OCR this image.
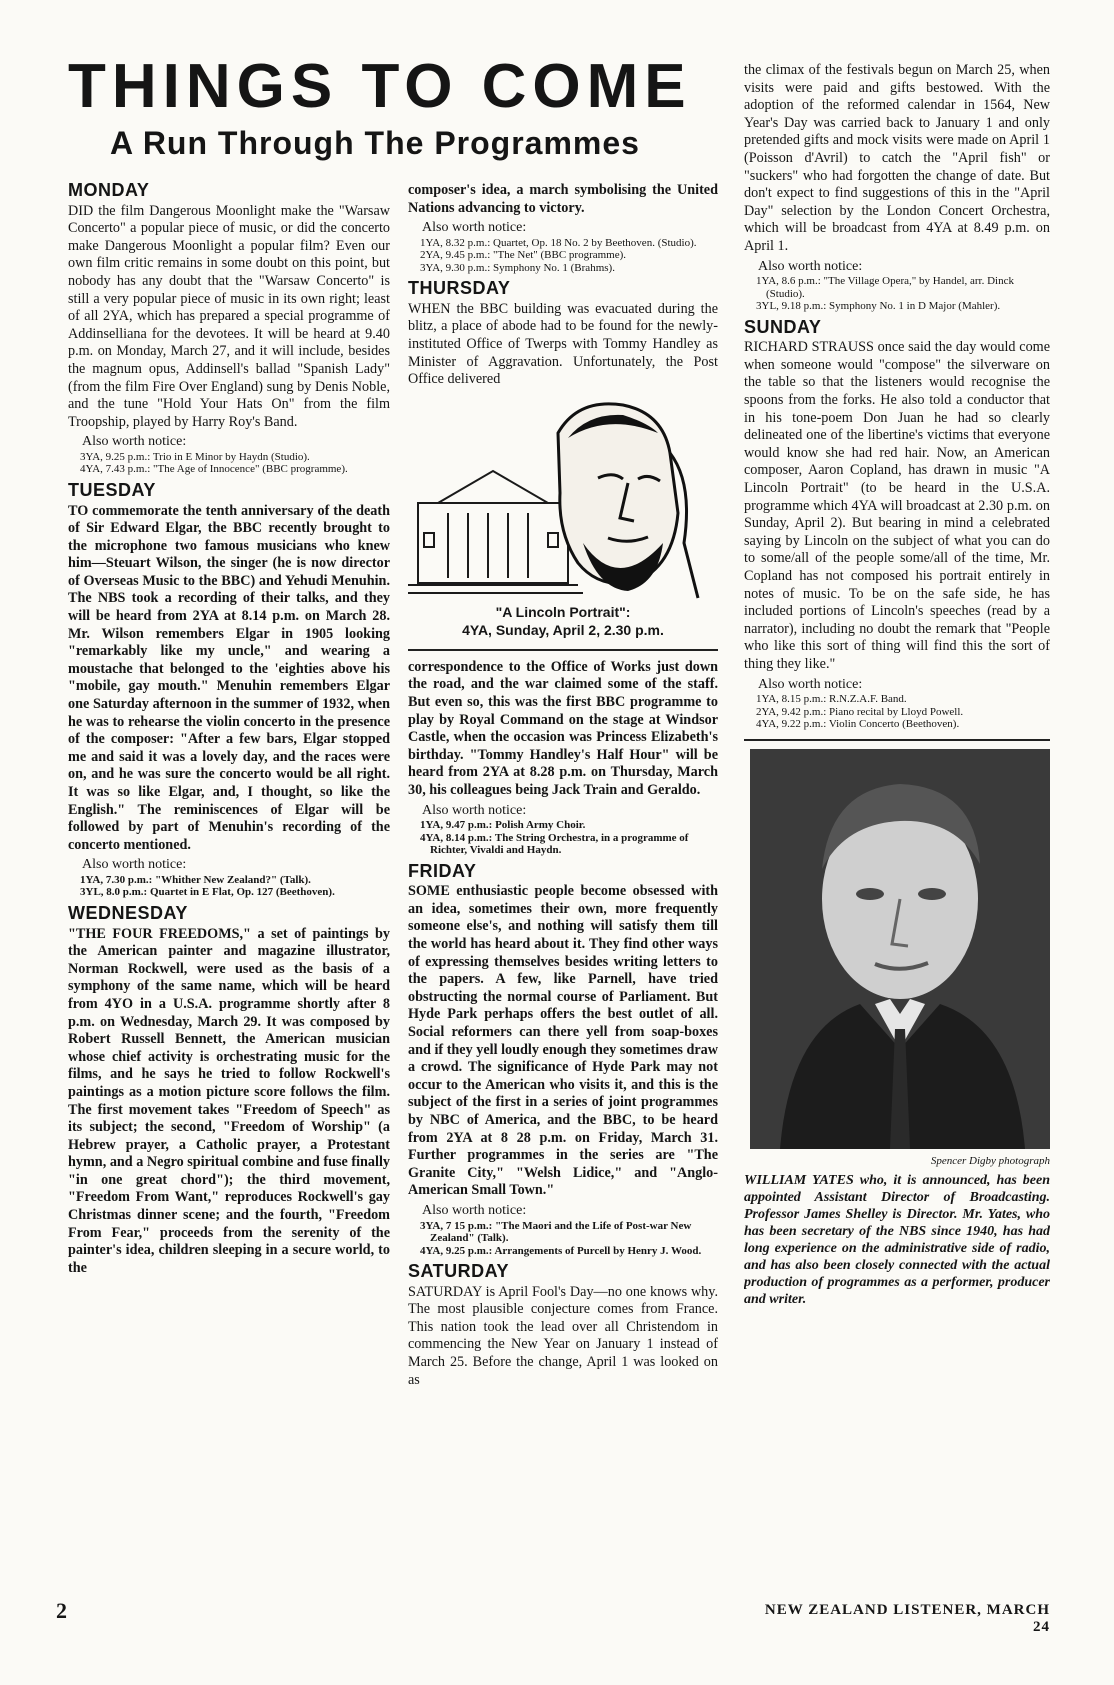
THINGS TO COME
A Run Through The Programmes
MONDAY

DID the film Dangerous Moonlight make the "Warsaw Concerto" a popular piece of music, or did the concerto make Dangerous Moonlight a popular film? Even our own film critic remains in some doubt on this point, but nobody has any doubt that the "Warsaw Concerto" is still a very popular piece of music in its own right; least of all 2YA, which has prepared a special programme of Addinselliana for the devotees. It will be heard at 9.40 p.m. on Monday, March 27, and it will include, besides the magnum opus, Addinsell's ballad "Spanish Lady" (from the film Fire Over England) sung by Denis Noble, and the tune "Hold Your Hats On" from the film Troopship, played by Harry Roy's Band.

Also worth notice:
3YA, 9.25 p.m.: Trio in E Minor by Haydn (Studio).
4YA, 7.43 p.m.: "The Age of Innocence" (BBC programme).
TUESDAY

TO commemorate the tenth anniversary of the death of Sir Edward Elgar, the BBC recently brought to the microphone two famous musicians who knew him—Steuart Wilson, the singer (he is now director of Overseas Music to the BBC) and Yehudi Menuhin. The NBS took a recording of their talks, and they will be heard from 2YA at 8.14 p.m. on March 28. Mr. Wilson remembers Elgar in 1905 looking "remarkably like my uncle," and wearing a moustache that belonged to the 'eighties above his "mobile, gay mouth." Menuhin remembers Elgar one Saturday afternoon in the summer of 1932, when he was to rehearse the violin concerto in the presence of the composer: "After a few bars, Elgar stopped me and said it was a lovely day, and the races were on, and he was sure the concerto would be all right. It was so like Elgar, and, I thought, so like the English." The reminiscences of Elgar will be followed by part of Menuhin's recording of the concerto mentioned.

Also worth notice:
1YA, 7.30 p.m.: "Whither New Zealand?" (Talk).
3YL, 8.0 p.m.: Quartet in E Flat, Op. 127 (Beethoven).
WEDNESDAY

"THE FOUR FREEDOMS," a set of paintings by the American painter and magazine illustrator, Norman Rockwell, were used as the basis of a symphony of the same name, which will be heard from 4YO in a U.S.A. programme shortly after 8 p.m. on Wednesday, March 29. It was composed by Robert Russell Bennett, the American musician whose chief activity is orchestrating music for the films, and he says he tried to follow Rockwell's paintings as a motion picture score follows the film. The first movement takes "Freedom of Speech" as its subject; the second, "Freedom of Worship" (a Hebrew prayer, a Catholic prayer, a Protestant hymn, and a Negro spiritual combine and fuse finally "in one great chord"); the third movement, "Freedom From Want," reproduces Rockwell's gay Christmas dinner scene; and the fourth, "Freedom From Fear," proceeds from the serenity of the painter's idea, children sleeping in a secure world, to the

composer's idea, a march symbolising the United Nations advancing to victory.

Also worth notice:
1YA, 8.32 p.m.: Quartet, Op. 18 No. 2 by Beethoven. (Studio).
2YA, 9.45 p.m.: "The Net" (BBC programme).
3YA, 9.30 p.m.: Symphony No. 1 (Brahms).
THURSDAY

WHEN the BBC building was evacuated during the blitz, a place of abode had to be found for the newly-instituted Office of Twerps with Tommy Handley as Minister of Aggravation. Unfortunately, the Post Office delivered

"A Lincoln Portrait":
4YA, Sunday, April 2, 2.30 p.m.

correspondence to the Office of Works just down the road, and the war claimed some of the staff. But even so, this was the first BBC programme to play by Royal Command on the stage at Windsor Castle, when the occasion was Princess Elizabeth's birthday. "Tommy Handley's Half Hour" will be heard from 2YA at 8.28 p.m. on Thursday, March 30, his colleagues being Jack Train and Geraldo.

Also worth notice:
1YA, 9.47 p.m.: Polish Army Choir.
4YA, 8.14 p.m.: The String Orchestra, in a programme of Richter, Vivaldi and Haydn.
FRIDAY

SOME enthusiastic people become obsessed with an idea, sometimes their own, more frequently someone else's, and nothing will satisfy them till the world has heard about it. They find other ways of expressing themselves besides writing letters to the papers. A few, like Parnell, have tried obstructing the normal course of Parliament. But Hyde Park perhaps offers the best outlet of all. Social reformers can there yell from soap-boxes and if they yell loudly enough they sometimes draw a crowd. The significance of Hyde Park may not occur to the American who visits it, and this is the subject of the first in a series of joint programmes by NBC of America, and the BBC, to be heard from 2YA at 8 28 p.m. on Friday, March 31. Further programmes in the series are "The Granite City," "Welsh Lidice," and "Anglo-American Small Town."

Also worth notice:
3YA, 7 15 p.m.: "The Maori and the Life of Post-war New Zealand" (Talk).
4YA, 9.25 p.m.: Arrangements of Purcell by Henry J. Wood.
SATURDAY

SATURDAY is April Fool's Day—no one knows why. The most plausible conjecture comes from France. This nation took the lead over all Christendom in commencing the New Year on January 1 instead of March 25. Before the change, April 1 was looked on as

the climax of the festivals begun on March 25, when visits were paid and gifts bestowed. With the adoption of the reformed calendar in 1564, New Year's Day was carried back to January 1 and only pretended gifts and mock visits were made on April 1 (Poisson d'Avril) to catch the "April fish" or "suckers" who had forgotten the change of date. But don't expect to find suggestions of this in the "April Day" selection by the London Concert Orchestra, which will be broadcast from 4YA at 8.49 p.m. on April 1.

Also worth notice:
1YA, 8.6 p.m.: "The Village Opera," by Handel, arr. Dinck (Studio).
3YL, 9.18 p.m.: Symphony No. 1 in D Major (Mahler).
SUNDAY

RICHARD STRAUSS once said the day would come when someone would "compose" the silverware on the table so that the listeners would recognise the spoons from the forks. He also told a conductor that in his tone-poem Don Juan he had so clearly delineated one of the libertine's victims that everyone would know she had red hair. Now, an American composer, Aaron Copland, has drawn in music "A Lincoln Portrait" (to be heard in the U.S.A. programme which 4YA will broadcast at 2.30 p.m. on Sunday, April 2). But bearing in mind a celebrated saying by Lincoln on the subject of what you can do to some/all of the people some/all of the time, Mr. Copland has not composed his portrait entirely in notes of music. To be on the safe side, he has included portions of Lincoln's speeches (read by a narrator), including no doubt the remark that "People who like this sort of thing will find this the sort of thing they like."

Also worth notice:
1YA, 8.15 p.m.: R.N.Z.A.F. Band.
2YA, 9.42 p.m.: Piano recital by Lloyd Powell.
4YA, 9.22 p.m.: Violin Concerto (Beethoven).
Spencer Digby photograph

WILLIAM YATES who, it is announced, has been appointed Assistant Director of Broadcasting. Professor James Shelley is Director. Mr. Yates, who has been secretary of the NBS since 1940, has had long experience on the administrative side of radio, and has also been closely connected with the actual production of programmes as a performer, producer and writer.

2	NEW ZEALAND LISTENER, MARCH 24
